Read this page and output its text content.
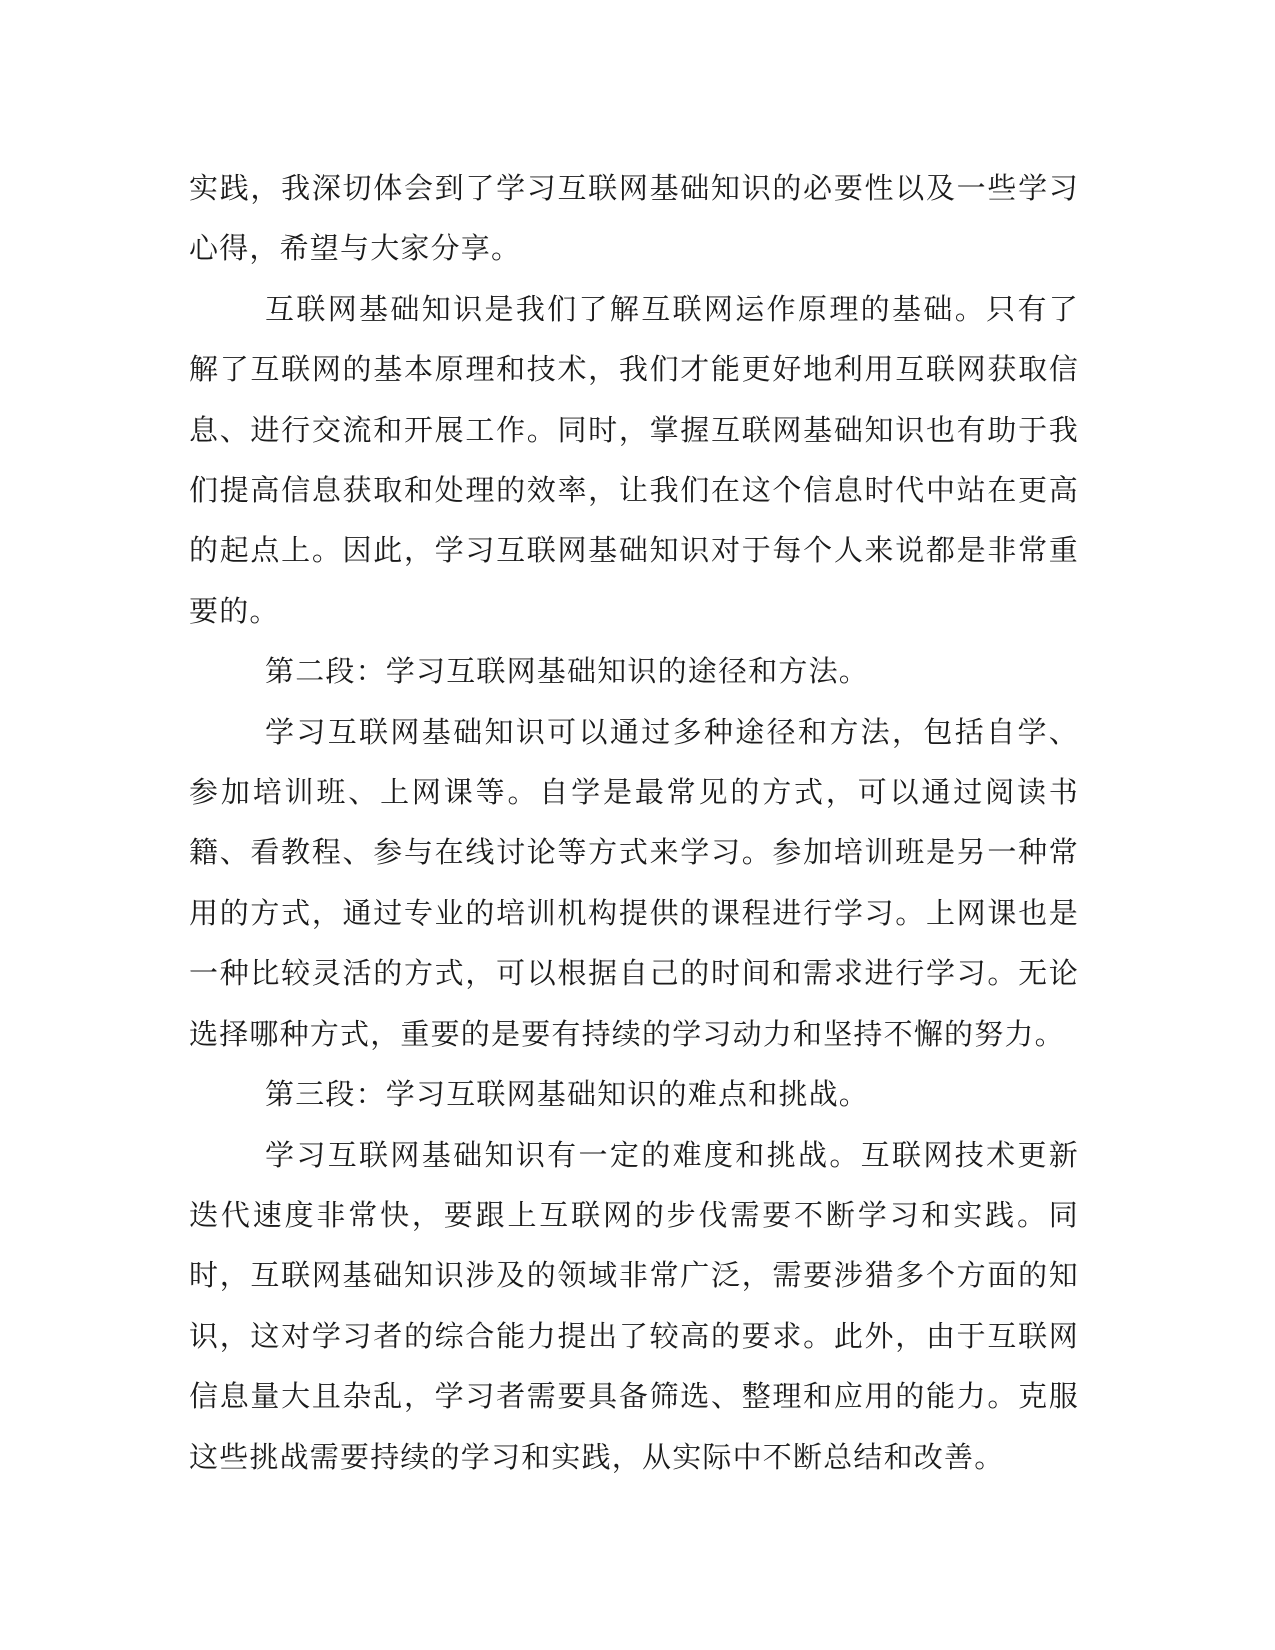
实践，我深切体会到了学习互联网基础知识的必要性以及一些学习心得，希望与大家分享。

互联网基础知识是我们了解互联网运作原理的基础。只有了解了互联网的基本原理和技术，我们才能更好地利用互联网获取信息、进行交流和开展工作。同时，掌握互联网基础知识也有助于我们提高信息获取和处理的效率，让我们在这个信息时代中站在更高的起点上。因此，学习互联网基础知识对于每个人来说都是非常重要的。

第二段：学习互联网基础知识的途径和方法。

学习互联网基础知识可以通过多种途径和方法，包括自学、参加培训班、上网课等。自学是最常见的方式，可以通过阅读书籍、看教程、参与在线讨论等方式来学习。参加培训班是另一种常用的方式，通过专业的培训机构提供的课程进行学习。上网课也是一种比较灵活的方式，可以根据自己的时间和需求进行学习。无论选择哪种方式，重要的是要有持续的学习动力和坚持不懈的努力。

第三段：学习互联网基础知识的难点和挑战。

学习互联网基础知识有一定的难度和挑战。互联网技术更新迭代速度非常快，要跟上互联网的步伐需要不断学习和实践。同时，互联网基础知识涉及的领域非常广泛，需要涉猎多个方面的知识，这对学习者的综合能力提出了较高的要求。此外，由于互联网信息量大且杂乱，学习者需要具备筛选、整理和应用的能力。克服这些挑战需要持续的学习和实践，从实际中不断总结和改善。
